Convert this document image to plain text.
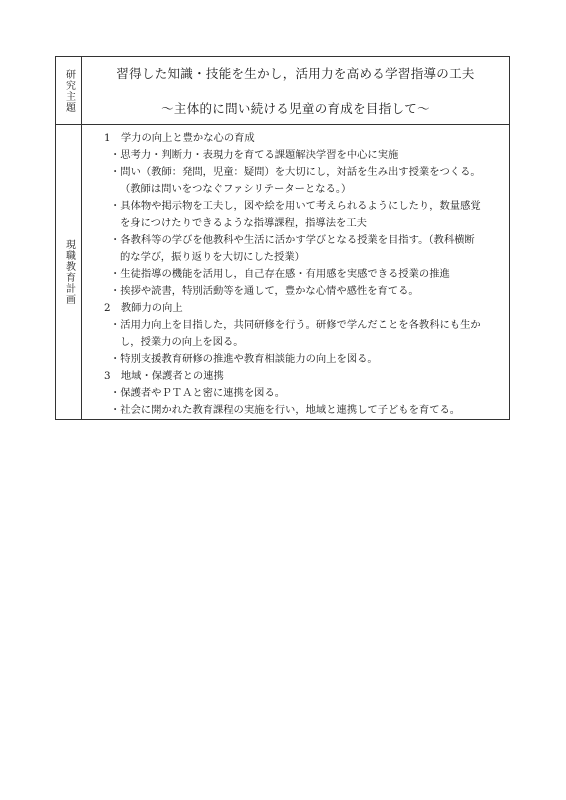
研究主題	習得した知識・技能を生かし，活用力を高める学習指導の工夫
〜主体的に問い続ける児童の育成を目指して〜
現職教育計画
1　学力の向上と豊かな心の育成
・思考力・判断力・表現力を育てる課題解決学習を中心に実施
・問い（教師：発問，児童：疑問）を大切にし，対話を生み出す授業をつくる。
（教師は問いをつなぐファシリテーターとなる。）
・具体物や掲示物を工夫し，図や絵を用いて考えられるようにしたり，数量感覚
を身につけたりできるような指導課程，指導法を工夫
・各教科等の学びを他教科や生活に活かす学びとなる授業を目指す。（教科横断
的な学び，振り返りを大切にした授業）
・生徒指導の機能を活用し，自己存在感・有用感を実感できる授業の推進
・挨拶や読書，特別活動等を通して，豊かな心情や感性を育てる。
2　教師力の向上
・活用力向上を目指した，共同研修を行う。研修で学んだことを各教科にも生か
し，授業力の向上を図る。
・特別支援教育研修の推進や教育相談能力の向上を図る。
3　地域・保護者との連携
・保護者やＰＴＡと密に連携を図る。
・社会に開かれた教育課程の実施を行い，地域と連携して子どもを育てる。
